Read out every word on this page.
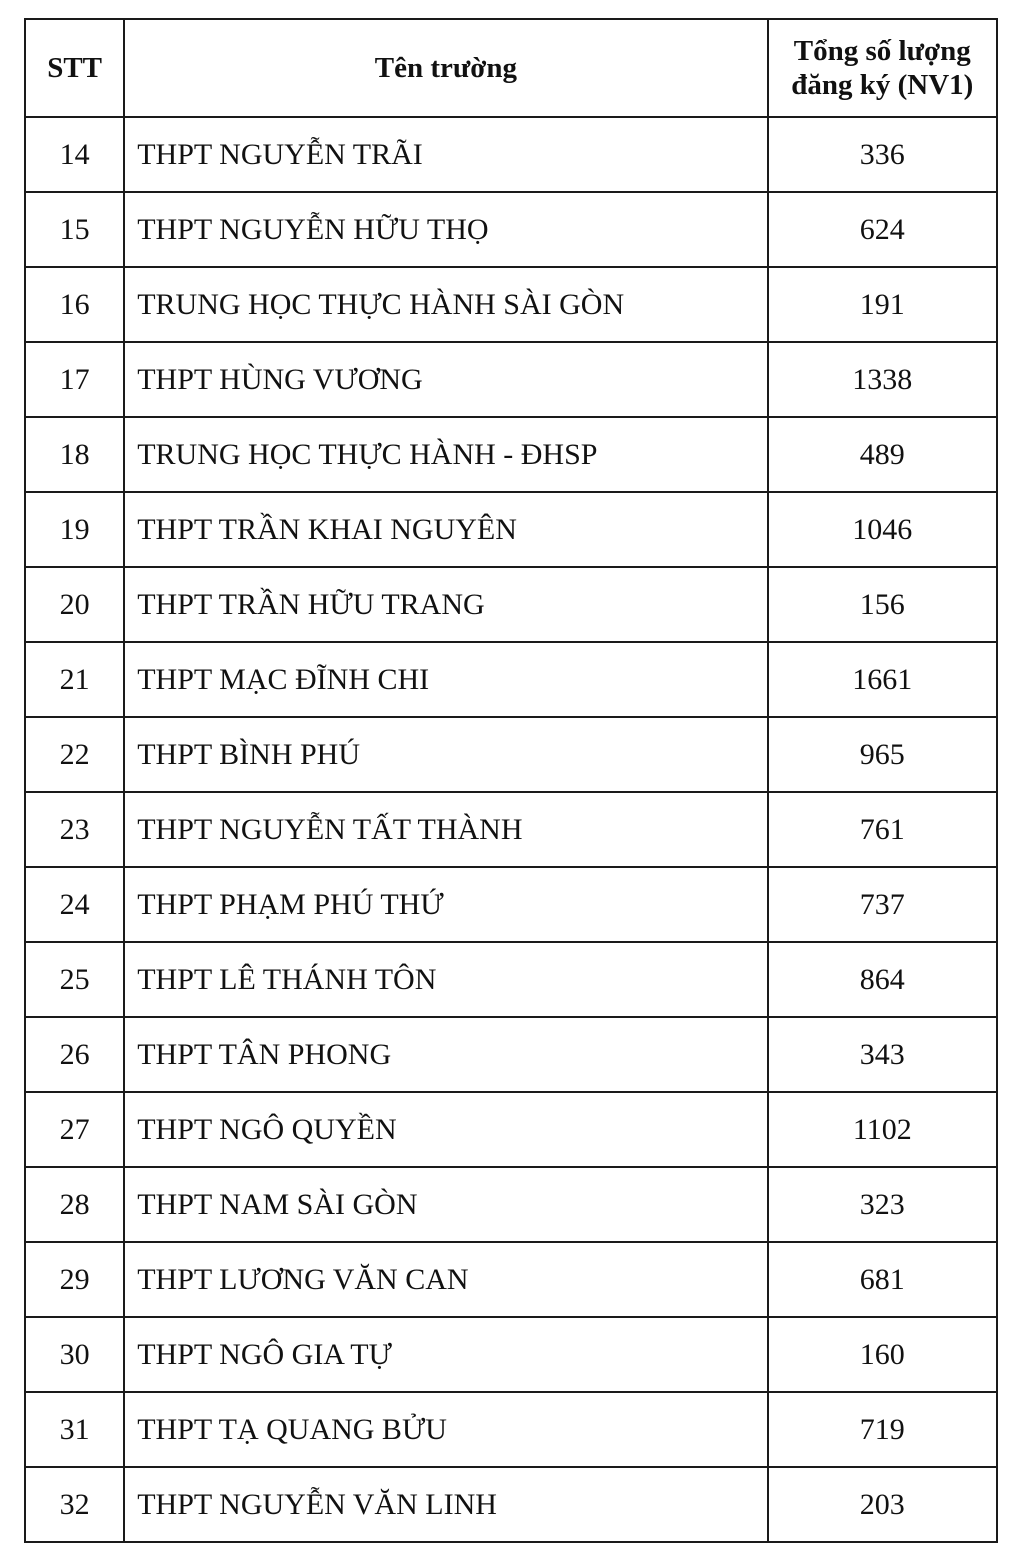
STT	Tên trường	Tổng số lượng
đăng ký (NV1)

14	THPT NGUYỄN TRÃI	336
15	THPT NGUYỄN HỮU THỌ	624
16	TRUNG HỌC THỰC HÀNH SÀI GÒN	191
17	THPT HÙNG VƯƠNG	1338
18	TRUNG HỌC THỰC HÀNH - ĐHSP	489
19	THPT TRẦN KHAI NGUYÊN	1046
20	THPT TRẦN HỮU TRANG	156
21	THPT MẠC ĐĨNH CHI	1661
22	THPT BÌNH PHÚ	965
23	THPT NGUYỄN TẤT THÀNH	761
24	THPT PHẠM PHÚ THỨ	737
25	THPT LÊ THÁNH TÔN	864
26	THPT TÂN PHONG	343
27	THPT NGÔ QUYỀN	1102
28	THPT NAM SÀI GÒN	323
29	THPT LƯƠNG VĂN CAN	681
30	THPT NGÔ GIA TỰ	160
31	THPT TẠ QUANG BỬU	719
32	THPT NGUYỄN VĂN LINH	203
